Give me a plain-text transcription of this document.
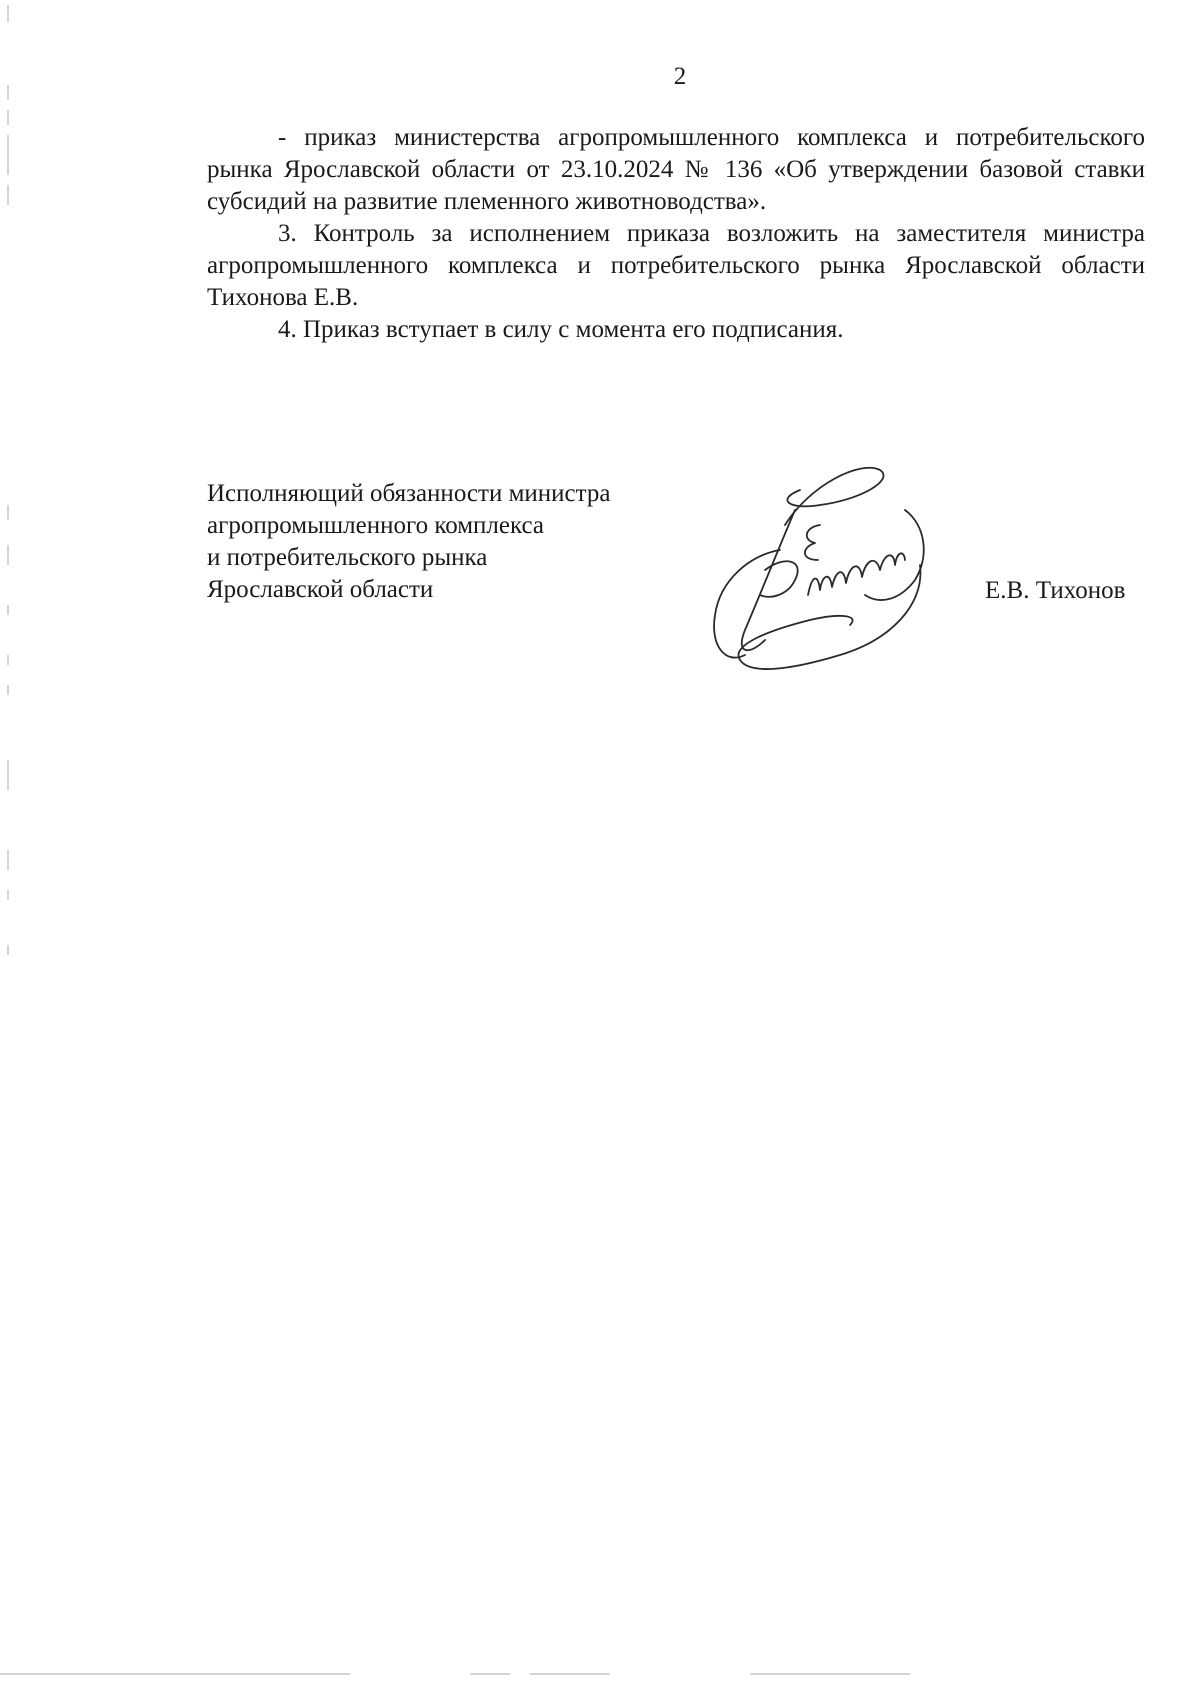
2

- приказ министерства агропромышленного комплекса и потребительского рынка Ярославской области от 23.10.2024 № 136 «Об утверждении базовой ставки субсидий на развитие племенного животноводства».

3. Контроль за исполнением приказа возложить на заместителя министра агропромышленного комплекса и потребительского рынка Ярославской области Тихонова Е.В.

4. Приказ вступает в силу с момента его подписания.

Исполняющий обязанности министра
агропромышленного комплекса
и потребительского рынка
Ярославской области	Е.В. Тихонов
